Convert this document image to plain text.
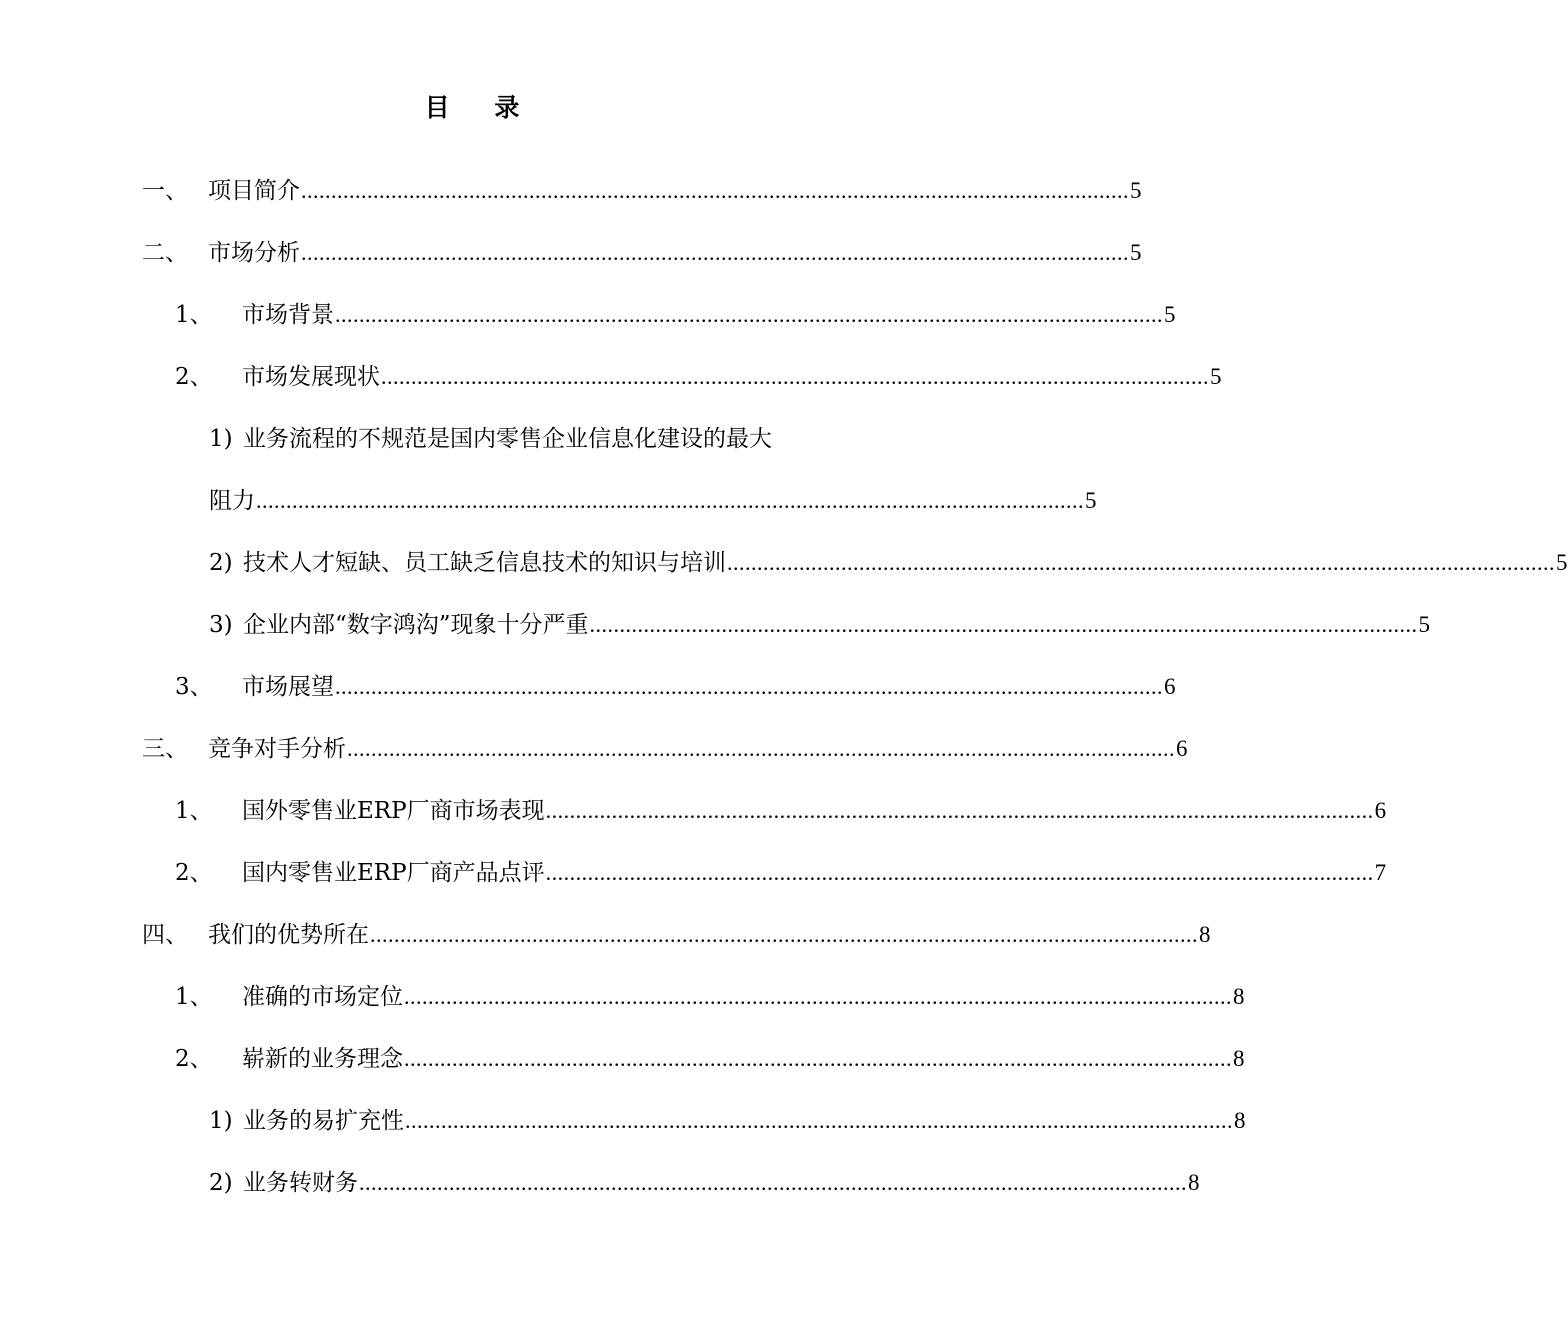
目 录
一、 项目简介 .......................................................................................................................................... 5
二、 市场分析 .......................................................................................................................................... 5
1、	市场背景 .......................................................................................................................................... 5
2、	市场发展现状 .......................................................................................................................................... 5
1) 业务流程的不规范是国内零售企业信息化建设的最大
阻力 .......................................................................................................................................... 5
2) 技术人才短缺、员工缺乏信息技术的知识与培训 .......................................................................................................................................... 5
3) 企业内部“数字鸿沟”现象十分严重 .......................................................................................................................................... 5
3、	市场展望 .......................................................................................................................................... 6
三、 竞争对手分析 .......................................................................................................................................... 6
1、	国外零售业ERP厂商市场表现 .......................................................................................................................................... 6
2、	国内零售业ERP厂商产品点评 .......................................................................................................................................... 7
四、 我们的优势所在 .......................................................................................................................................... 8
1、	准确的市场定位 .......................................................................................................................................... 8
2、	崭新的业务理念 .......................................................................................................................................... 8
1) 业务的易扩充性 .......................................................................................................................................... 8
2) 业务转财务 .......................................................................................................................................... 8
